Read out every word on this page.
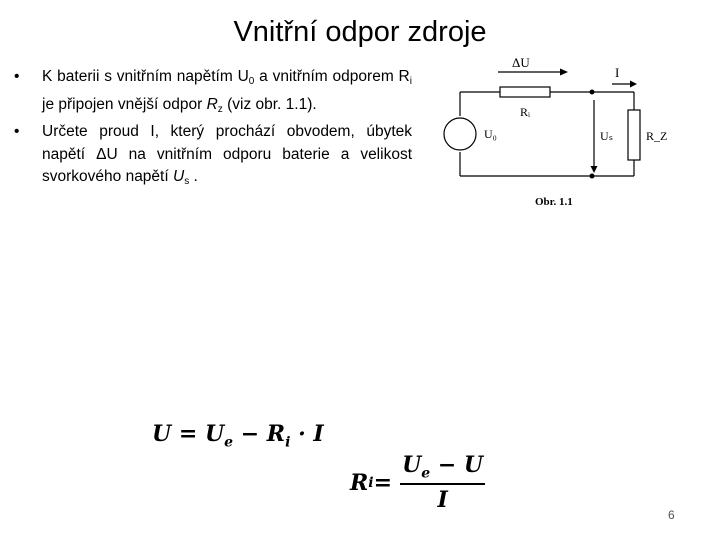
Vnitřní odpor zdroje
• K baterii s vnitřním napětím $U_0$ a vnitřním odporem $R_i$ je připojen vnější odpor $R_z$ (viz obr. 1.1).
• Určete proud I, který prochází obvodem, úbytek napětí ΔU na vnitřním odporu baterie a velikost svorkového napětí $U_s$ .
ΔU
I
Rᵢ
U₀	Uₛ	R_Z
Obr. 1.1
$U = U_e - R_i \cdot I$
R $i = \frac{U_e - U}{I}$
6
